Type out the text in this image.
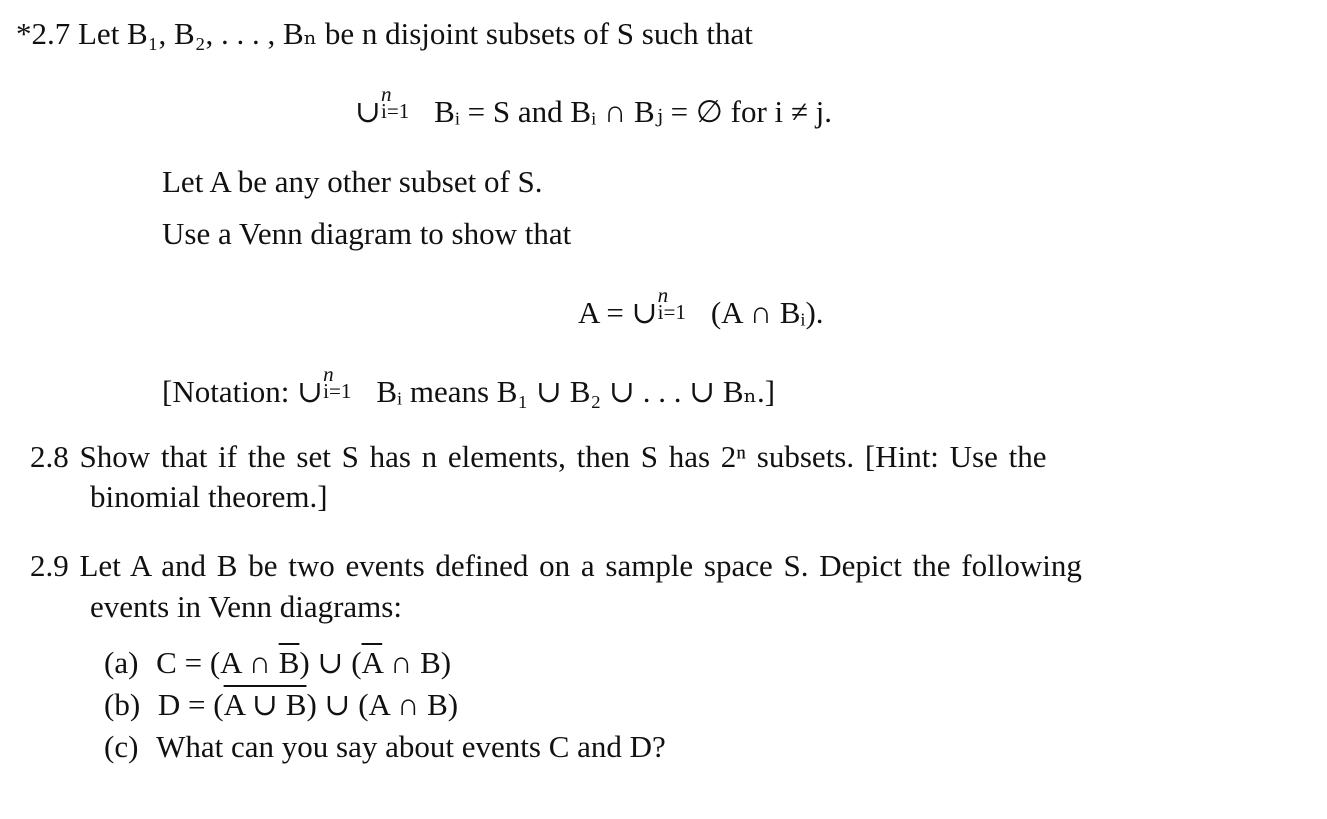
*2.7 Let B₁, B₂, . . . , Bₙ be n disjoint subsets of S such that
∪ n
i=1 Bᵢ = S and Bᵢ ∩ Bⱼ = ∅ for i ≠ j.
Let A be any other subset of S.
Use a Venn diagram to show that
A = ∪ n
i=1 (A ∩ Bᵢ).
[Notation: ∪ n
i=1 Bᵢ means B₁ ∪ B₂ ∪ . . . ∪ Bₙ.]
2.8 Show that if the set S has n elements, then S has 2ⁿ subsets. [Hint: Use the
binomial theorem.]
2.9 Let A and B be two events defined on a sample space S. Depict the following
events in Venn diagrams:
(a) C = (A ∩ $\overline{B}$) ∪ ($\overline{A}$ ∩ B)
(b) D = (A ∪ B) ∪ (A ∩ B)
(c) What can you say about events C and D?
